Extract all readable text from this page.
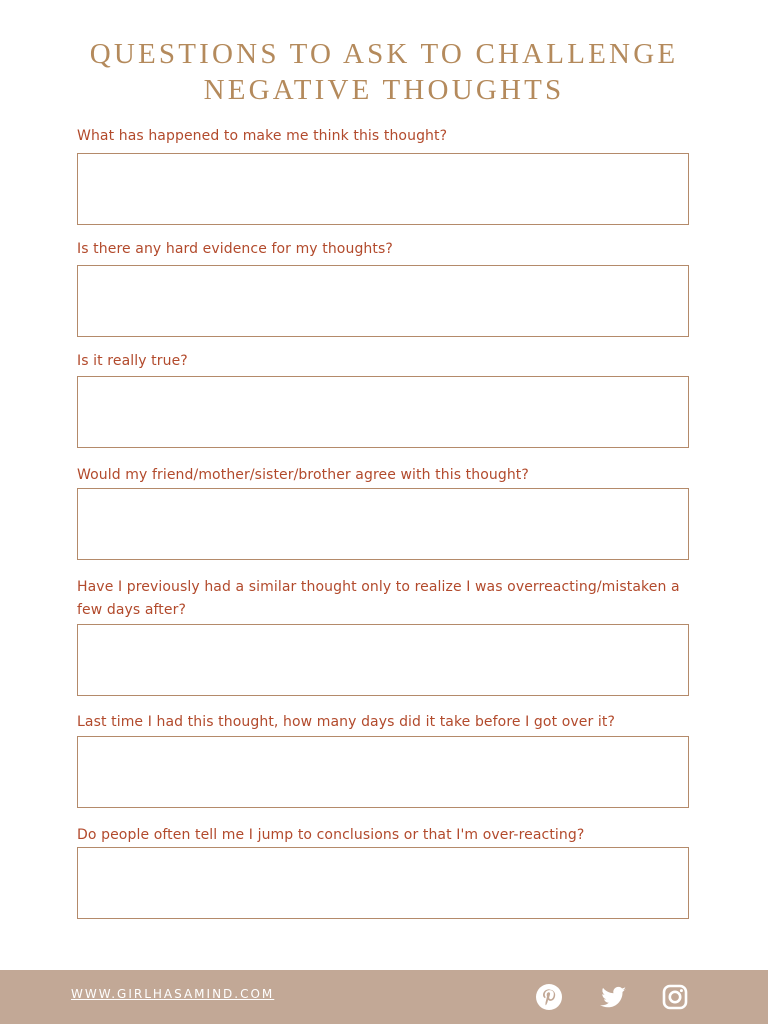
QUESTIONS TO ASK TO CHALLENGE
NEGATIVE THOUGHTS

What has happened to make me think this thought?

Is there any hard evidence for my thoughts?

Is it really true?

Would my friend/mother/sister/brother agree with this thought?

Have I previously had a similar thought only to realize I was overreacting/mistaken a few days after?

Last time I had this thought, how many days did it take before I got over it?

Do people often tell me I jump to conclusions or that I'm over-reacting?

WWW.GIRLHASAMIND.COM
